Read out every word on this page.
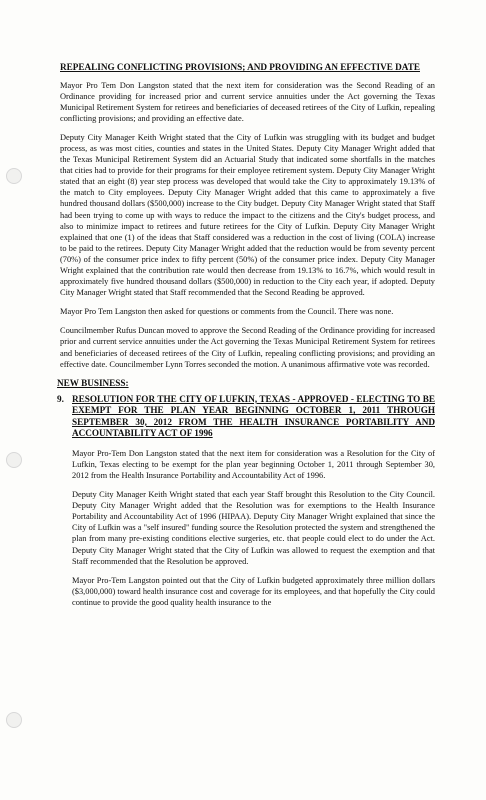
REPEALING CONFLICTING PROVISIONS; AND PROVIDING AN EFFECTIVE DATE

Mayor Pro Tem Don Langston stated that the next item for consideration was the Second Reading of an Ordinance providing for increased prior and current service annuities under the Act governing the Texas Municipal Retirement System for retirees and beneficiaries of deceased retirees of the City of Lufkin, repealing conflicting provisions; and providing an effective date.

Deputy City Manager Keith Wright stated that the City of Lufkin was struggling with its budget and budget process, as was most cities, counties and states in the United States. Deputy City Manager Wright added that the Texas Municipal Retirement System did an Actuarial Study that indicated some shortfalls in the matches that cities had to provide for their programs for their employee retirement system. Deputy City Manager Wright stated that an eight (8) year step process was developed that would take the City to approximately 19.13% of the match to City employees. Deputy City Manager Wright added that this came to approximately a five hundred thousand dollars ($500,000) increase to the City budget. Deputy City Manager Wright stated that Staff had been trying to come up with ways to reduce the impact to the citizens and the City's budget process, and also to minimize impact to retirees and future retirees for the City of Lufkin. Deputy City Manager Wright explained that one (1) of the ideas that Staff considered was a reduction in the cost of living (COLA) increase to be paid to the retirees. Deputy City Manager Wright added that the reduction would be from seventy percent (70%) of the consumer price index to fifty percent (50%) of the consumer price index. Deputy City Manager Wright explained that the contribution rate would then decrease from 19.13% to 16.7%, which would result in approximately five hundred thousand dollars ($500,000) in reduction to the City each year, if adopted. Deputy City Manager Wright stated that Staff recommended that the Second Reading be approved.

Mayor Pro Tem Langston then asked for questions or comments from the Council. There was none.

Councilmember Rufus Duncan moved to approve the Second Reading of the Ordinance providing for increased prior and current service annuities under the Act governing the Texas Municipal Retirement System for retirees and beneficiaries of deceased retirees of the City of Lufkin, repealing conflicting provisions; and providing an effective date. Councilmember Lynn Torres seconded the motion. A unanimous affirmative vote was recorded.

NEW BUSINESS:
9. RESOLUTION FOR THE CITY OF LUFKIN, TEXAS - APPROVED - ELECTING TO BE EXEMPT FOR THE PLAN YEAR BEGINNING OCTOBER 1, 2011 THROUGH SEPTEMBER 30, 2012 FROM THE HEALTH INSURANCE PORTABILITY AND ACCOUNTABILITY ACT OF 1996

Mayor Pro-Tem Don Langston stated that the next item for consideration was a Resolution for the City of Lufkin, Texas electing to be exempt for the plan year beginning October 1, 2011 through September 30, 2012 from the Health Insurance Portability and Accountability Act of 1996.

Deputy City Manager Keith Wright stated that each year Staff brought this Resolution to the City Council. Deputy City Manager Wright added that the Resolution was for exemptions to the Health Insurance Portability and Accountability Act of 1996 (HIPAA). Deputy City Manager Wright explained that since the City of Lufkin was a "self insured" funding source the Resolution protected the system and strengthened the plan from many pre-existing conditions elective surgeries, etc. that people could elect to do under the Act. Deputy City Manager Wright stated that the City of Lufkin was allowed to request the exemption and that Staff recommended that the Resolution be approved.

Mayor Pro-Tem Langston pointed out that the City of Lufkin budgeted approximately three million dollars ($3,000,000) toward health insurance cost and coverage for its employees, and that hopefully the City could continue to provide the good quality health insurance to the
